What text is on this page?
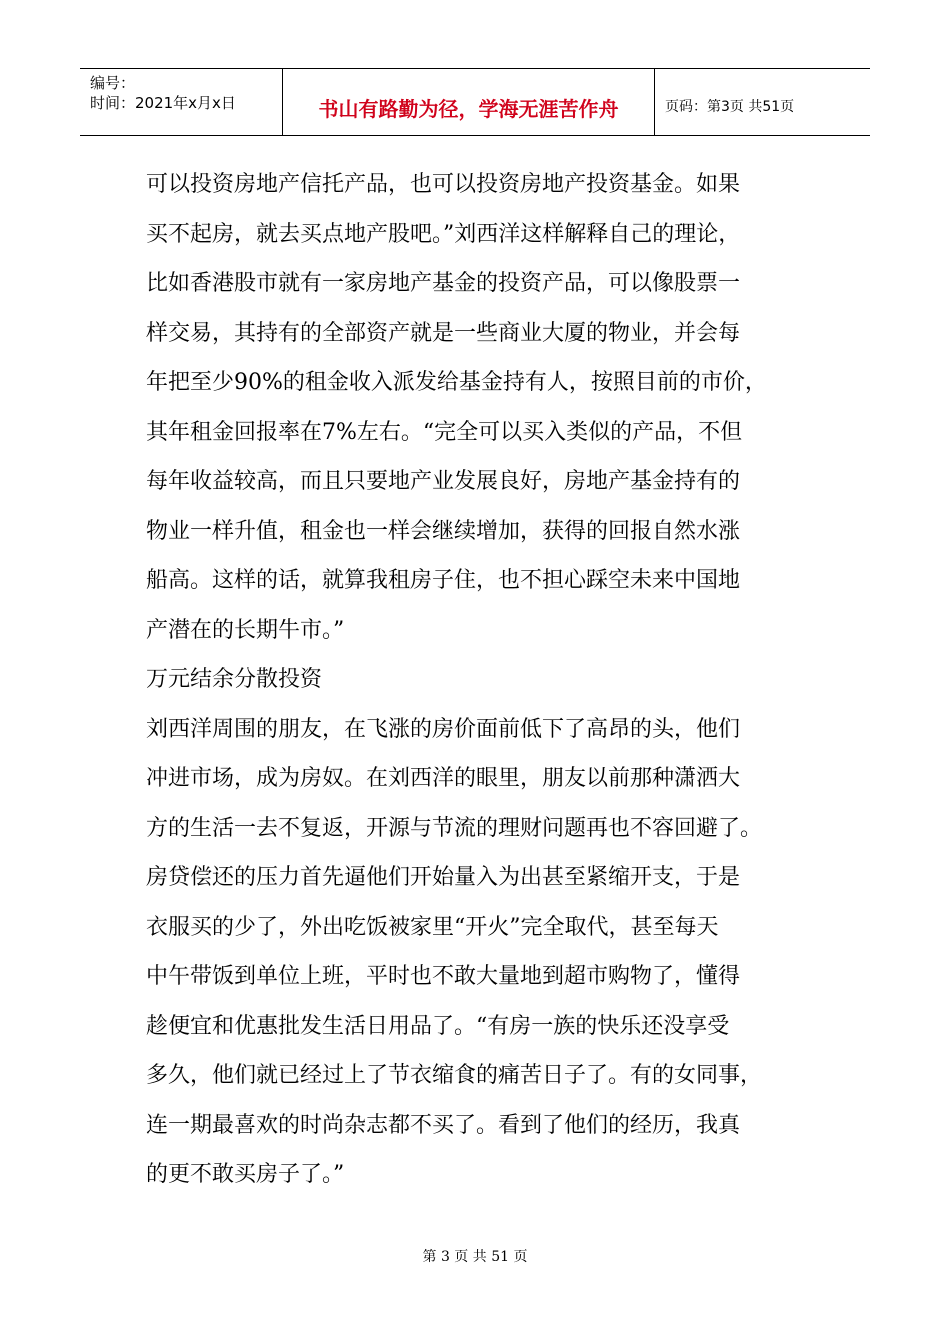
编号：
时间：2021年x月x日	书山有路勤为径，学海无涯苦作舟	页码：第3页 共51页
可以投资房地产信托产品，也可以投资房地产投资基金。如果
买不起房，就去买点地产股吧。”刘西洋这样解释自己的理论，
比如香港股市就有一家房地产基金的投资产品，可以像股票一
样交易，其持有的全部资产就是一些商业大厦的物业，并会每
年把至少90%的租金收入派发给基金持有人，按照目前的市价，
其年租金回报率在7%左右。“完全可以买入类似的产品，不但
每年收益较高，而且只要地产业发展良好，房地产基金持有的
物业一样升值，租金也一样会继续增加，获得的回报自然水涨
船高。这样的话，就算我租房子住，也不担心踩空未来中国地
产潜在的长期牛市。”
万元结余分散投资
刘西洋周围的朋友，在飞涨的房价面前低下了高昂的头，他们
冲进市场，成为房奴。在刘西洋的眼里，朋友以前那种潇洒大
方的生活一去不复返，开源与节流的理财问题再也不容回避了。
房贷偿还的压力首先逼他们开始量入为出甚至紧缩开支，于是
衣服买的少了，外出吃饭被家里“开火”完全取代，甚至每天
中午带饭到单位上班，平时也不敢大量地到超市购物了，懂得
趁便宜和优惠批发生活日用品了。“有房一族的快乐还没享受
多久，他们就已经过上了节衣缩食的痛苦日子了。有的女同事，
连一期最喜欢的时尚杂志都不买了。看到了他们的经历，我真
的更不敢买房子了。”
第 3 页 共 51 页
